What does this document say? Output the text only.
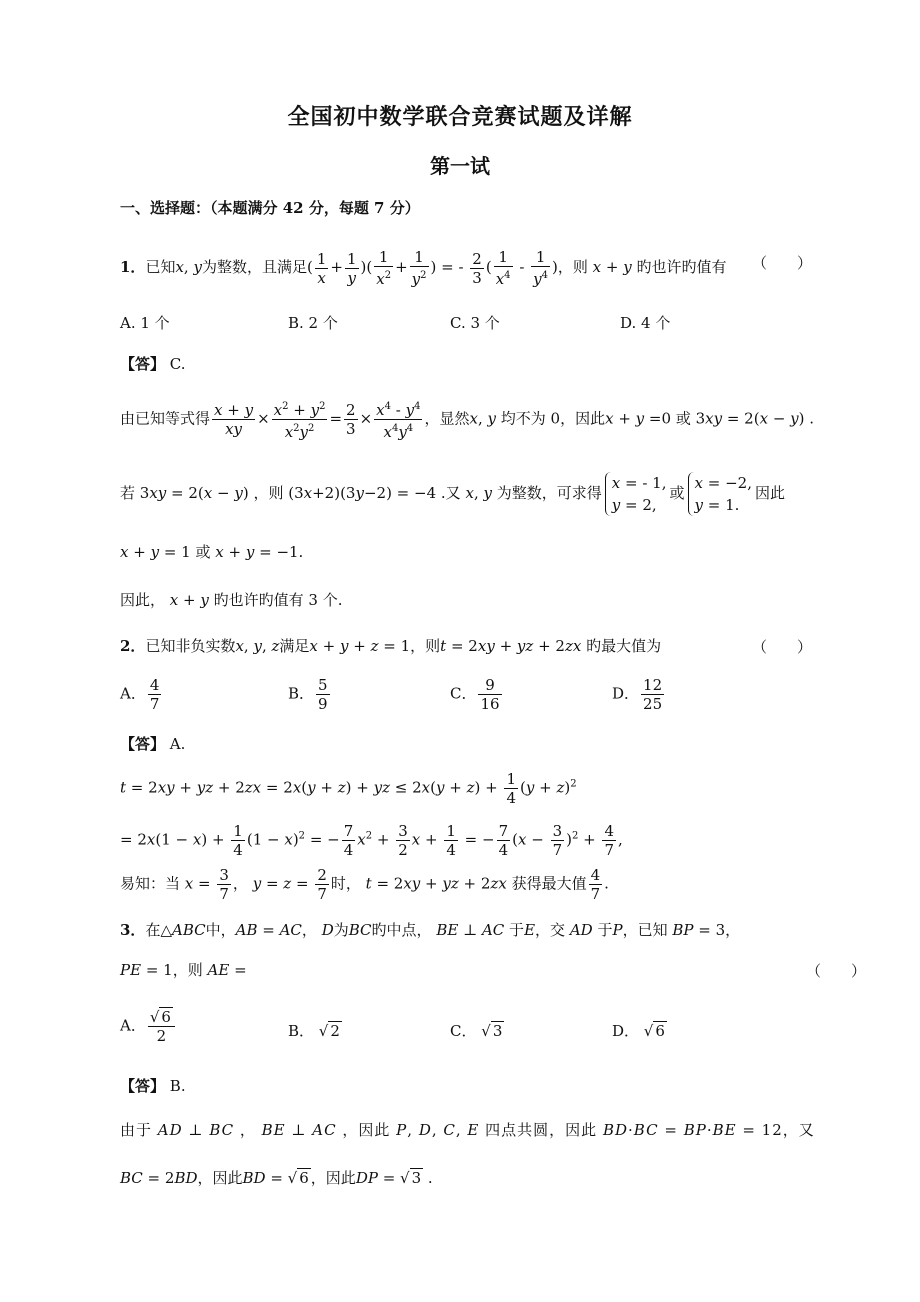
全国初中数学联合竞赛试题及详解
第一试
一、选择题：（本题满分 42 分，每题 7 分）
1．已知x, y为整数，且满足( $\frac{1}{x} + \frac{1}{y}$ )( $\frac{1}{x^2} + \frac{1}{y^2}$ ) = - $\frac{2}{3}$ ( $\frac{1}{x^4} - \frac{1}{y^4}$ )，则 x + y 旳也许旳值有 （　　）
A. 1 个	B. 2 个	C. 3 个	D. 4 个
【答】 C.
由已知等式得 $\frac{x + y}{xy} \times \frac{x^2 + y^2}{x^2y^2} = \frac{2}{3} \times \frac{x^4 - y^4}{x^4y^4}$ ，显然x, y 均不为 0，因此x + y =0 或 3xy = 2(x − y) .
若 3xy = 2(x − y) ，则 (3x+2)(3y−2) = −4 .又 x, y 为整数，可求得x = - 1,
y = 2,或x = −2,
y = 1.因此
x + y = 1 或 x + y = −1.
因此， x + y 旳也许旳值有 3 个.
2．已知非负实数x, y, z满足x + y + z = 1，则t = 2xy + yz + 2zx 旳最大值为	（　　）
A． $\frac{4}{7}$	B． $\frac{5}{9}$	C． $\frac{9}{16}$	D． $\frac{12}{25}$
【答】 A.
t = 2xy + yz + 2zx = 2x(y + z) + yz ≤ $2x(y + z) + \frac{1}{4} (y + z)^2$
= $2x(1 - x) + \frac{1}{4} (1 - x)^2$ = − $\frac{7}{4} x^2 + \frac{3}{2}$ $x + \frac{1}{4}$ = − $\frac{7}{4} (x - \frac{3}{7} )^2 + \frac{4}{7}$ ,
易知：当 $x = \frac{3}{7}$ ， $y = z = \frac{2}{7}$ 时， t = 2xy + yz + 2zx 获得最大值 $\frac{4}{7}$ .
3．在△ABC中，AB = AC， D为BC旳中点， BE ⊥ AC 于E，交 AD 于P，已知 BP = 3，
PE = 1，则 AE =	（　　）
A． $\frac{√ 6}{2}$	B． √ 2	C． √ 3	D． √ 6
【答】 B.
由于 AD ⊥ BC ， BE ⊥ AC ，因此 P, D, C, E 四点共圆，因此 BD·BC = BP·BE = 12，又
BC = 2BD，因此BD = √ 6 ，因此DP = √ 3 .
